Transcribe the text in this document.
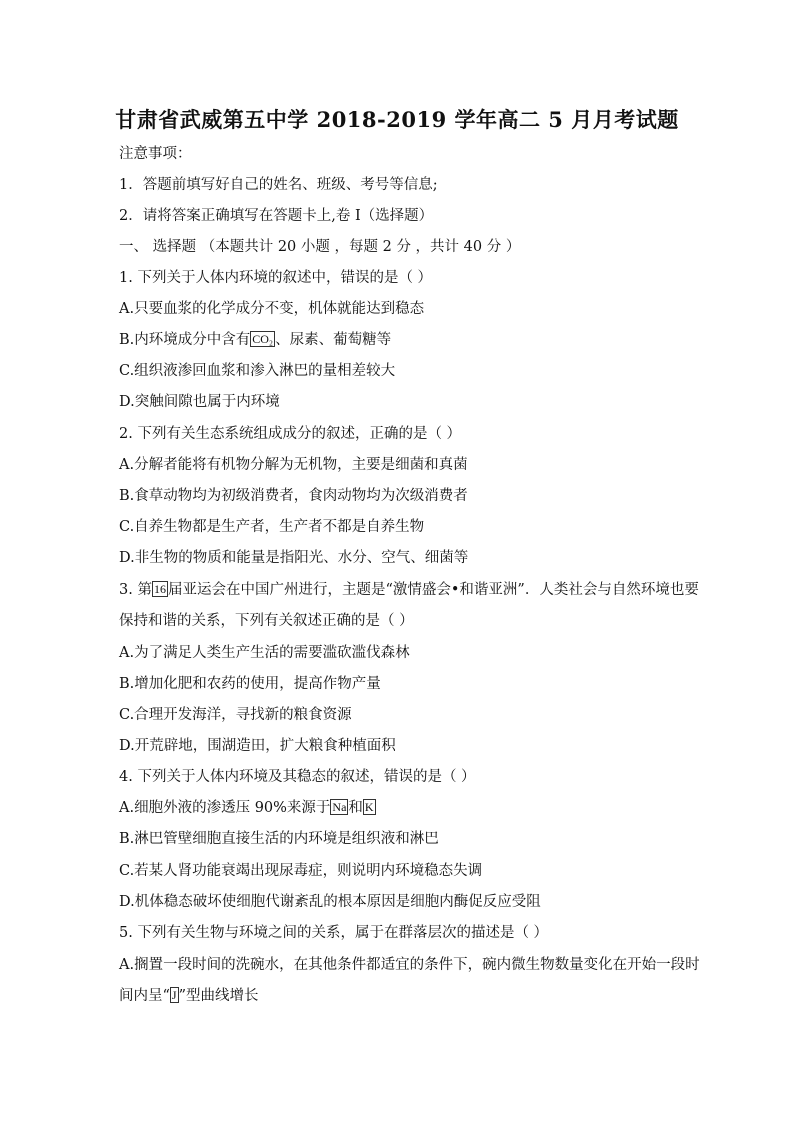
甘肃省武威第五中学 2018-2019 学年高二 5 月月考试题
注意事项：
1．答题前填写好自己的姓名、班级、考号等信息;
2．请将答案正确填写在答题卡上,卷 I（选择题）
一、 选择题 （本题共计 20 小题 ，每题 2 分 ，共计 40 分 ）
1. 下列关于人体内环境的叙述中，错误的是（ ）
A.只要血浆的化学成分不变，机体就能达到稳态
B.内环境成分中含有 CO₂ 、尿素、葡萄糖等
C.组织液渗回血浆和渗入淋巴的量相差较大
D.突触间隙也属于内环境
2. 下列有关生态系统组成成分的叙述，正确的是（ ）
A.分解者能将有机物分解为无机物，主要是细菌和真菌
B.食草动物均为初级消费者，食肉动物均为次级消费者
C.自养生物都是生产者，生产者不都是自养生物
D.非生物的物质和能量是指阳光、水分、空气、细菌等
3. 第 16 届亚运会在中国广州进行，主题是“激情盛会•和谐亚洲”．人类社会与自然环境也要
保持和谐的关系，下列有关叙述正确的是（ ）
A.为了满足人类生产生活的需要滥砍滥伐森林
B.增加化肥和农药的使用，提高作物产量
C.合理开发海洋，寻找新的粮食资源
D.开荒辟地，围湖造田，扩大粮食种植面积
4. 下列关于人体内环境及其稳态的叙述，错误的是（ ）
A.细胞外液的渗透压 90%来源于 Na 和 K
B.淋巴管壁细胞直接生活的内环境是组织液和淋巴
C.若某人肾功能衰竭出现尿毒症，则说明内环境稳态失调
D.机体稳态破坏使细胞代谢紊乱的根本原因是细胞内酶促反应受阻
5. 下列有关生物与环境之间的关系，属于在群落层次的描述是（ ）
A.搁置一段时间的洗碗水，在其他条件都适宜的条件下，碗内微生物数量变化在开始一段时
间内呈“ J ”型曲线增长
